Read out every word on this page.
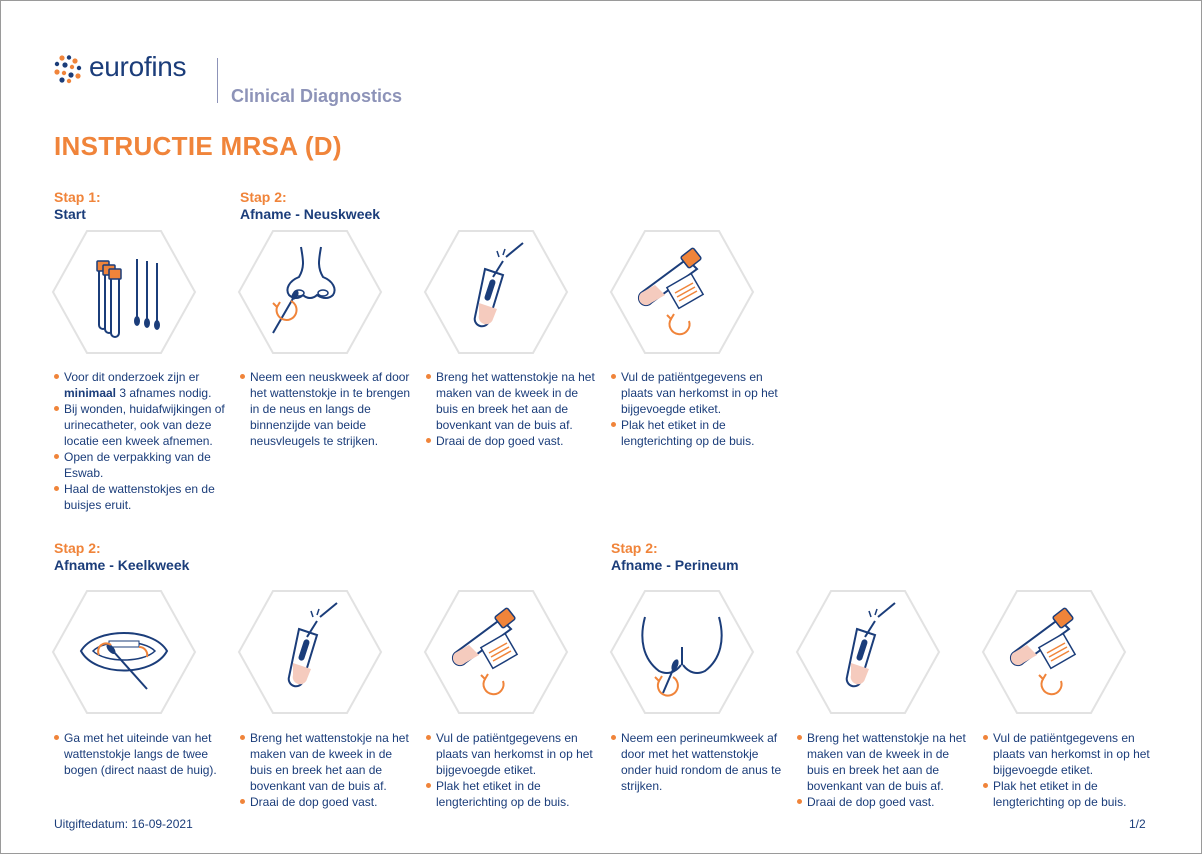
eurofins
Clinical Diagnostics
INSTRUCTIE MRSA (D)
Stap 1:
Start
Stap 2:
Afname - Neuskweek
Stap 2:
Afname - Keelkweek
Stap 2:
Afname - Perineum
Voor dit onderzoek zijn er minimaal 3 afnames nodig.
Bij wonden, huidafwijkingen of urinecatheter, ook van deze locatie een kweek afnemen.
Open de verpakking van de Eswab.
Haal de wattenstokjes en de buisjes eruit.
Neem een neuskweek af door het wattenstokje in te brengen in de neus en langs de binnenzijde van beide neusvleugels te strijken.
Breng het wattenstokje na het maken van de kweek in de buis en breek het aan de bovenkant van de buis af.
Draai de dop goed vast.
Vul de patiëntgegevens en plaats van herkomst in op het bijgevoegde etiket.
Plak het etiket in de lengterichting op de buis.
Ga met het uiteinde van het wattenstokje langs de twee bogen (direct naast de huig).
Breng het wattenstokje na het maken van de kweek in de buis en breek het aan de bovenkant van de buis af.
Draai de dop goed vast.
Vul de patiëntgegevens en plaats van herkomst in op het bijgevoegde etiket.
Plak het etiket in de lengterichting op de buis.
Neem een perineumkweek af door met het wattenstokje onder huid rondom de anus te strijken.
Breng het wattenstokje na het maken van de kweek in de buis en breek het aan de bovenkant van de buis af.
Draai de dop goed vast.
Vul de patiëntgegevens en plaats van herkomst in op het bijgevoegde etiket.
Plak het etiket in de lengterichting op de buis.
Uitgiftedatum: 16-09-2021	1/2
